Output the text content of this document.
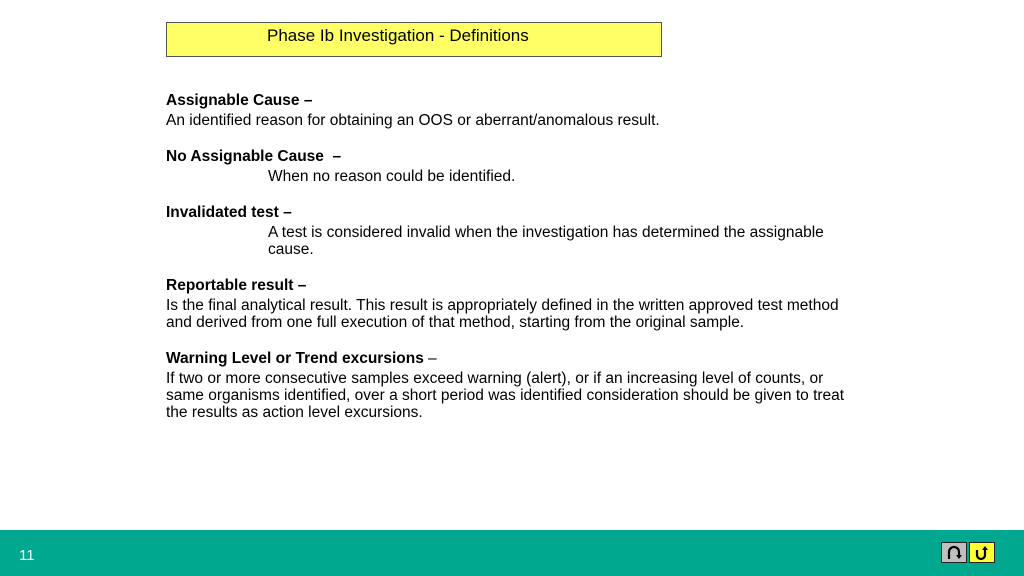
Phase Ib Investigation - Definitions
Assignable Cause –
An identified reason for obtaining an OOS or aberrant/anomalous result.
No Assignable Cause  –
When no reason could be identified.
Invalidated test –
A test is considered invalid when the investigation has determined the assignable cause.
Reportable result –
Is the final analytical result. This result is appropriately defined in the written approved test method and derived from one full execution of that method, starting from the original sample.
Warning Level or Trend excursions –
If two or more consecutive samples exceed warning (alert), or if an increasing level of counts, or same organisms identified, over a short period was identified consideration should be given to treat the results as action level excursions.
11
